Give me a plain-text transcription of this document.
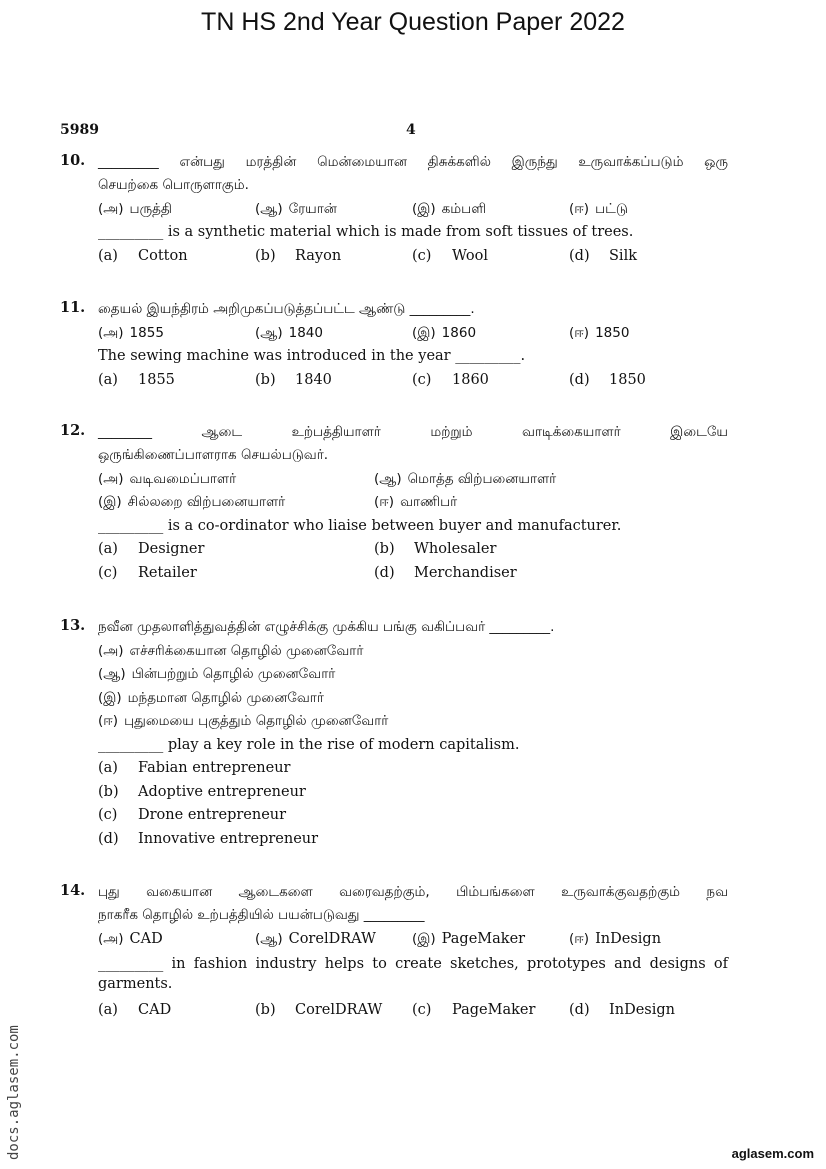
TN HS 2nd Year Question Paper 2022
5989	4
10. _________ என்பது மரத்தின் மென்மையான திசுக்களில் இருந்து உருவாக்கப்படும் ஒரு
செயற்கை பொருளாகும்.
(அ) பருத்தி	(ஆ) ரேயான்	(இ) கம்பளி	(ஈ) பட்டு
_________ is a synthetic material which is made from soft tissues of trees.
(a) Cotton	(b) Rayon	(c) Wool	(d) Silk
11. தையல் இயந்திரம் அறிமுகப்படுத்தப்பட்ட ஆண்டு _________.
(அ) 1855	(ஆ) 1840	(இ) 1860	(ஈ) 1850
The sewing machine was introduced in the year _________.
(a) 1855	(b) 1840	(c) 1860	(d) 1850
12. ________ ஆடை உற்பத்தியாளர் மற்றும் வாடிக்கையாளர் இடையே
ஒருங்கிணைப்பாளராக செயல்படுவர்.
(அ) வடிவமைப்பாளர்	(ஆ) மொத்த விற்பனையாளர்
(இ) சில்லறை விற்பனையாளர்	(ஈ) வாணிபர்
_________ is a co-ordinator who liaise between buyer and manufacturer.
(a) Designer	(b) Wholesaler
(c) Retailer	(d) Merchandiser
13. நவீன முதலாளித்துவத்தின் எழுச்சிக்கு முக்கிய பங்கு வகிப்பவர் _________.
(அ) எச்சரிக்கையான தொழில் முனைவோர்
(ஆ) பின்பற்றும் தொழில் முனைவோர்
(இ) மந்தமான தொழில் முனைவோர்
(ஈ) புதுமையை புகுத்தும் தொழில் முனைவோர்
_________ play a key role in the rise of modern capitalism.
(a) Fabian entrepreneur
(b) Adoptive entrepreneur
(c) Drone entrepreneur
(d) Innovative entrepreneur
14. புது வகையான ஆடைகளை வரைவதற்கும், பிம்பங்களை உருவாக்குவதற்கும் நவ
நாகரீக தொழில் உற்பத்தியில் பயன்படுவது _________
(அ) CAD	(ஆ) CorelDRAW	(இ) PageMaker	(ஈ) InDesign
_________ in fashion industry helps to create sketches, prototypes and designs of garments.
(a) CAD	(b) CorelDRAW	(c) PageMaker	(d) InDesign
docs.aglasem.com	aglasem.com
